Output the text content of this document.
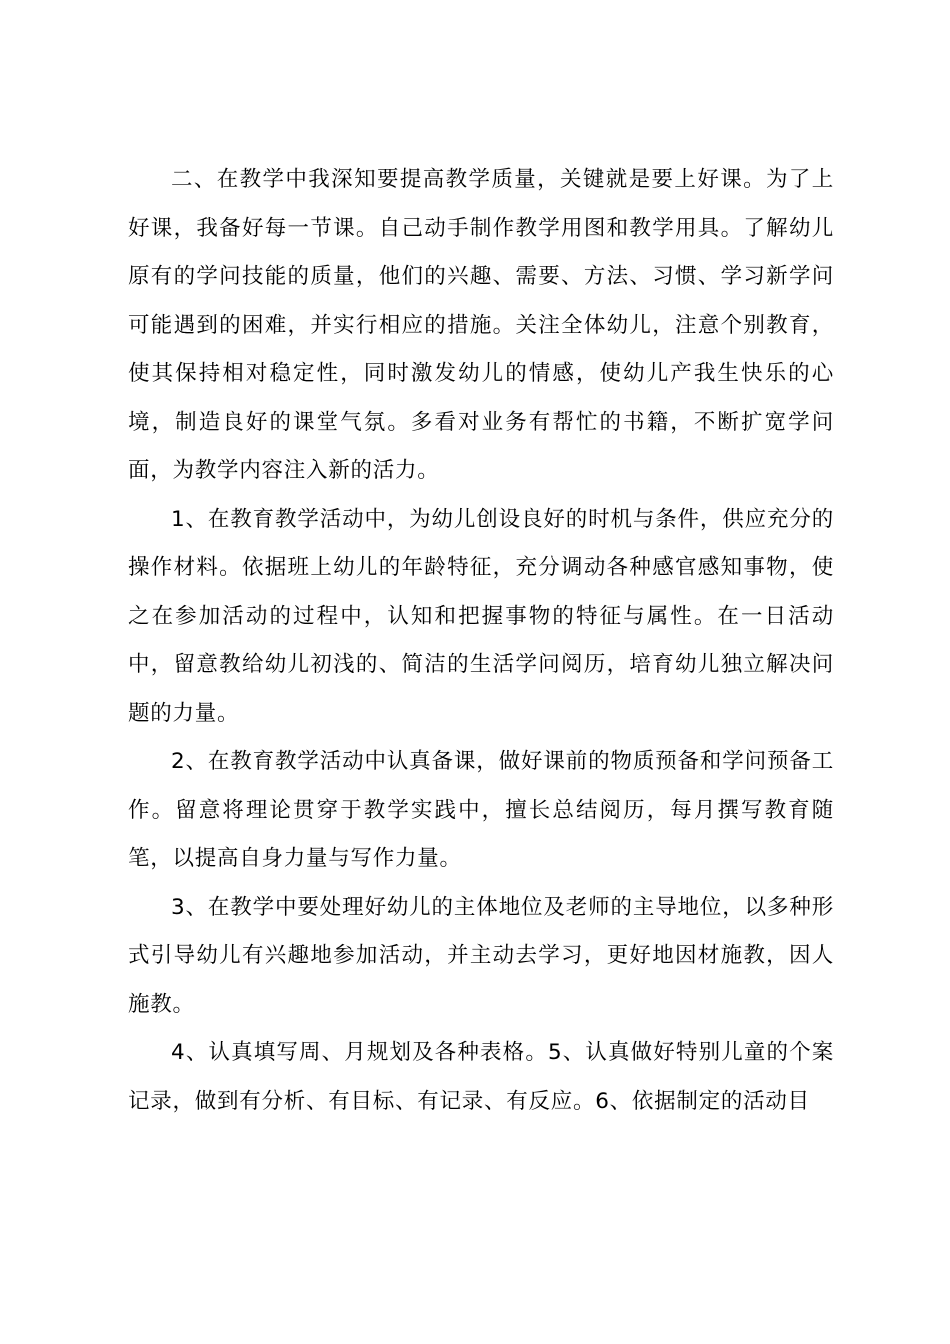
二、在教学中我深知要提高教学质量，关键就是要上好课。为了上好课，我备好每一节课。自己动手制作教学用图和教学用具。了解幼儿原有的学问技能的质量，他们的兴趣、需要、方法、习惯、学习新学问可能遇到的困难，并实行相应的措施。关注全体幼儿，注意个别教育，使其保持相对稳定性，同时激发幼儿的情感，使幼儿产我生快乐的心境，制造良好的课堂气氛。多看对业务有帮忙的书籍，不断扩宽学问面，为教学内容注入新的活力。

1、在教育教学活动中，为幼儿创设良好的时机与条件，供应充分的操作材料。依据班上幼儿的年龄特征，充分调动各种感官感知事物，使之在参加活动的过程中，认知和把握事物的特征与属性。在一日活动中，留意教给幼儿初浅的、简洁的生活学问阅历，培育幼儿独立解决问题的力量。

2、在教育教学活动中认真备课，做好课前的物质预备和学问预备工作。留意将理论贯穿于教学实践中，擅长总结阅历，每月撰写教育随笔，以提高自身力量与写作力量。

3、在教学中要处理好幼儿的主体地位及老师的主导地位，以多种形式引导幼儿有兴趣地参加活动，并主动去学习，更好地因材施教，因人施教。

4、认真填写周、月规划及各种表格。5、认真做好特别儿童的个案记录，做到有分析、有目标、有记录、有反应。6、依据制定的活动目
